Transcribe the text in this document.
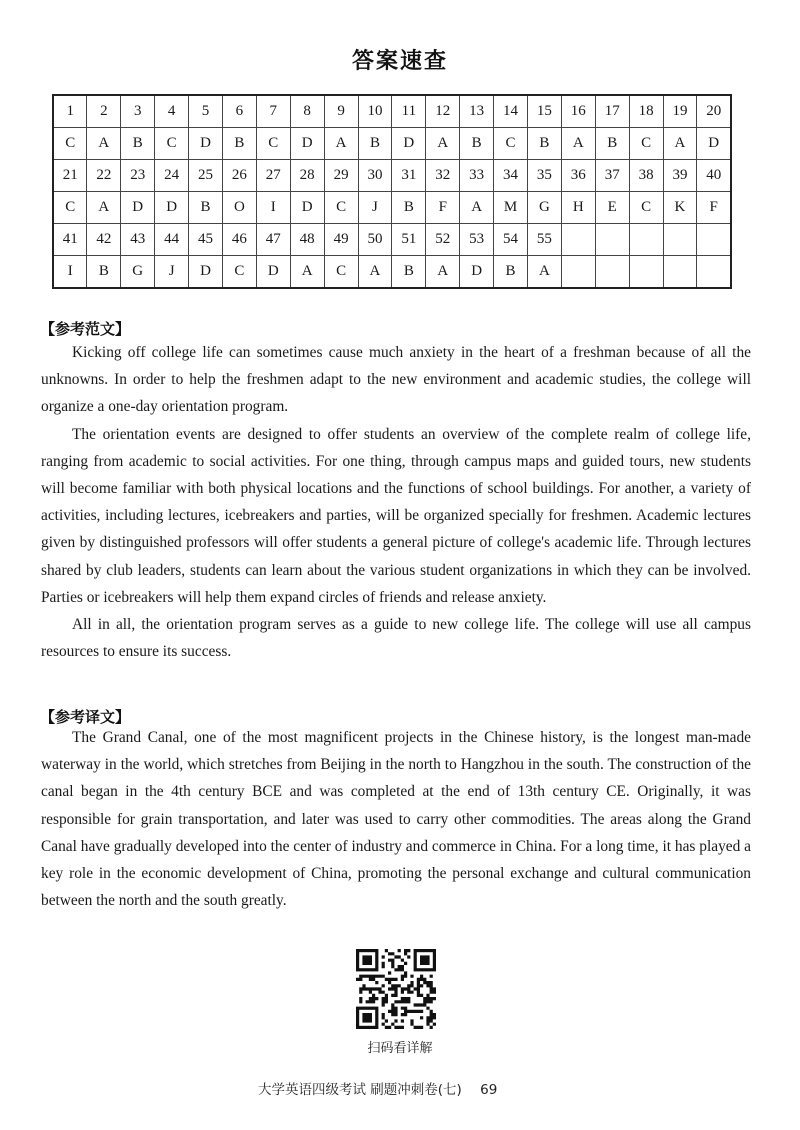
答案速查
1	2	3	4	5	6	7	8	9	10	11	12	13	14	15	16	17	18	19	20
C	A	B	C	D	B	C	D	A	B	D	A	B	C	B	A	B	C	A	D
21	22	23	24	25	26	27	28	29	30	31	32	33	34	35	36	37	38	39	40
C	A	D	D	B	O	I	D	C	J	B	F	A	M	G	H	E	C	K	F
41	42	43	44	45	46	47	48	49	50	51	52	53	54	55					
I	B	G	J	D	C	D	A	C	A	B	A	D	B	A					
【参考范文】

Kicking off college life can sometimes cause much anxiety in the heart of a freshman because of all the unknowns. In order to help the freshmen adapt to the new environment and academic studies, the college will organize a one-day orientation program.

The orientation events are designed to offer students an overview of the complete realm of college life, ranging from academic to social activities. For one thing, through campus maps and guided tours, new students will become familiar with both physical locations and the functions of school buildings. For another, a variety of activities, including lectures, icebreakers and parties, will be organized specially for freshmen. Academic lectures given by distinguished professors will offer students a general picture of college's academic life. Through lectures shared by club leaders, students can learn about the various student organizations in which they can be involved. Parties or icebreakers will help them expand circles of friends and release anxiety.

All in all, the orientation program serves as a guide to new college life. The college will use all campus resources to ensure its success.

【参考译文】

The Grand Canal, one of the most magnificent projects in the Chinese history, is the longest man-made waterway in the world, which stretches from Beijing in the north to Hangzhou in the south. The construction of the canal began in the 4th century BCE and was completed at the end of 13th century CE. Originally, it was responsible for grain transportation, and later was used to carry other commodities. The areas along the Grand Canal have gradually developed into the center of industry and commerce in China. For a long time, it has played a key role in the economic development of China, promoting the personal exchange and cultural communication between the north and the south greatly.

扫码看详解
大学英语四级考试 刷题冲刺卷(七) 69
